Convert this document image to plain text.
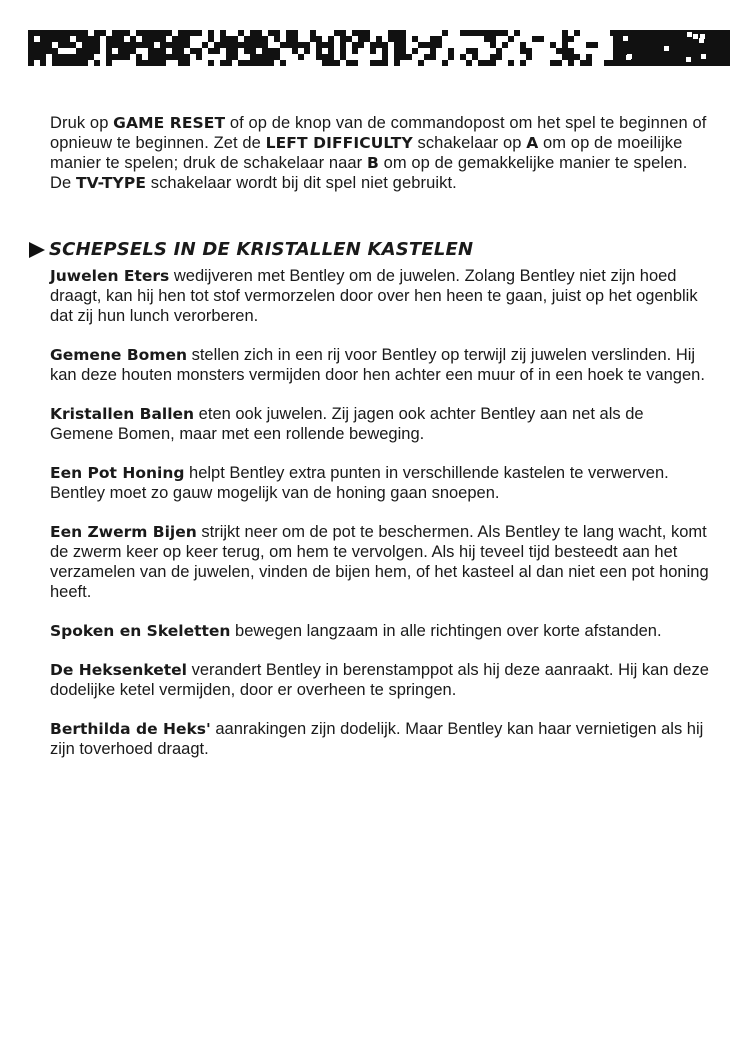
Druk op GAME RESET of op de knop van de commandopost om het spel te beginnen of opnieuw te beginnen. Zet de LEFT DIFFICULTY schakelaar op A om op de moeilijke manier te spelen; druk de schakelaar naar B om op de gemakkelijke manier te spelen. De TV-TYPE schakelaar wordt bij dit spel niet gebruikt.

SCHEPSELS IN DE KRISTALLEN KASTELEN

Juwelen Eters wedijveren met Bentley om de juwelen. Zolang Bentley niet zijn hoed draagt, kan hij hen tot stof vermorzelen door over hen heen te gaan, juist op het ogenblik dat zij hun lunch verorberen.

Gemene Bomen stellen zich in een rij voor Bentley op terwijl zij juwelen verslinden. Hij kan deze houten monsters vermijden door hen achter een muur of in een hoek te vangen.

Kristallen Ballen eten ook juwelen. Zij jagen ook achter Bentley aan net als de Gemene Bomen, maar met een rollende beweging.

Een Pot Honing helpt Bentley extra punten in verschillende kastelen te verwerven. Bentley moet zo gauw mogelijk van de honing gaan snoepen.

Een Zwerm Bijen strijkt neer om de pot te beschermen. Als Bentley te lang wacht, komt de zwerm keer op keer terug, om hem te vervolgen. Als hij teveel tijd besteedt aan het verzamelen van de juwelen, vinden de bijen hem, of het kasteel al dan niet een pot honing heeft.

Spoken en Skeletten bewegen langzaam in alle richtingen over korte afstanden.

De Heksenketel verandert Bentley in berenstamppot als hij deze aanraakt. Hij kan deze dodelijke ketel vermijden, door er overheen te springen.

Berthilda de Heks' aanrakingen zijn dodelijk. Maar Bentley kan haar vernietigen als hij zijn toverhoed draagt.
